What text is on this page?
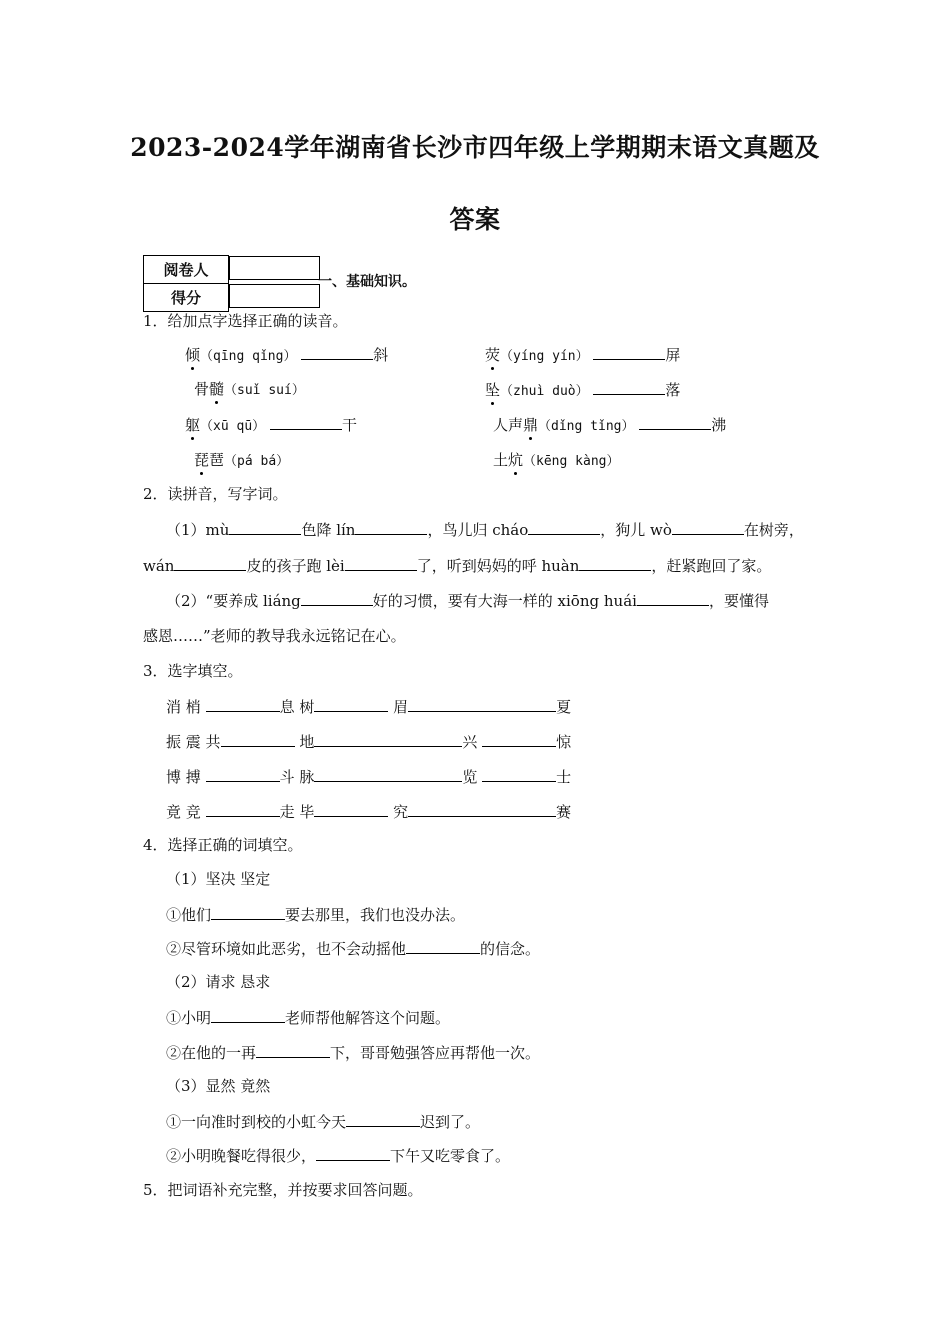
2023-2024学年湖南省长沙市四年级上学期期末语文真题及
答案
阅卷人	
得分	
一、基础知识。
1．给加点字选择正确的读音。
倾（qīng qǐng）	斜	荧（yíng yín）	屏
骨髓（suǐ suí）	坠（zhuì duò）	落
躯（xū qū）	干	人声鼎（dǐng tǐng）	沸
琵琶（pá bá）	土炕（kēng kàng）
2．读拼音，写字词。
（1）mù	色降 lín	，鸟儿归 cháo	，狗儿 wò	在树旁，
wán	皮的孩子跑 lèi	了，听到妈妈的呼 huàn	，赶紧跑回了家。
（2）“要养成 liáng	好的习惯，要有大海一样的 xiōng huái	，要懂得
感恩……”老师的教导我永远铭记在心。
3．选字填空。
消 梢	息 树	眉	夏
振 震 共	地	兴	惊
博 搏	斗 脉	览	士
竟 竞	走 毕	究	赛
4．选择正确的词填空。
（1）坚决 坚定
①他们	要去那里，我们也没办法。
②尽管环境如此恶劣，也不会动摇他	的信念。
（2）请求 恳求
①小明	老师帮他解答这个问题。
②在他的一再	下，哥哥勉强答应再帮他一次。
（3）显然 竟然
①一向准时到校的小虹今天	迟到了。
②小明晚餐吃得很少，	下午又吃零食了。
5．把词语补充完整，并按要求回答问题。
